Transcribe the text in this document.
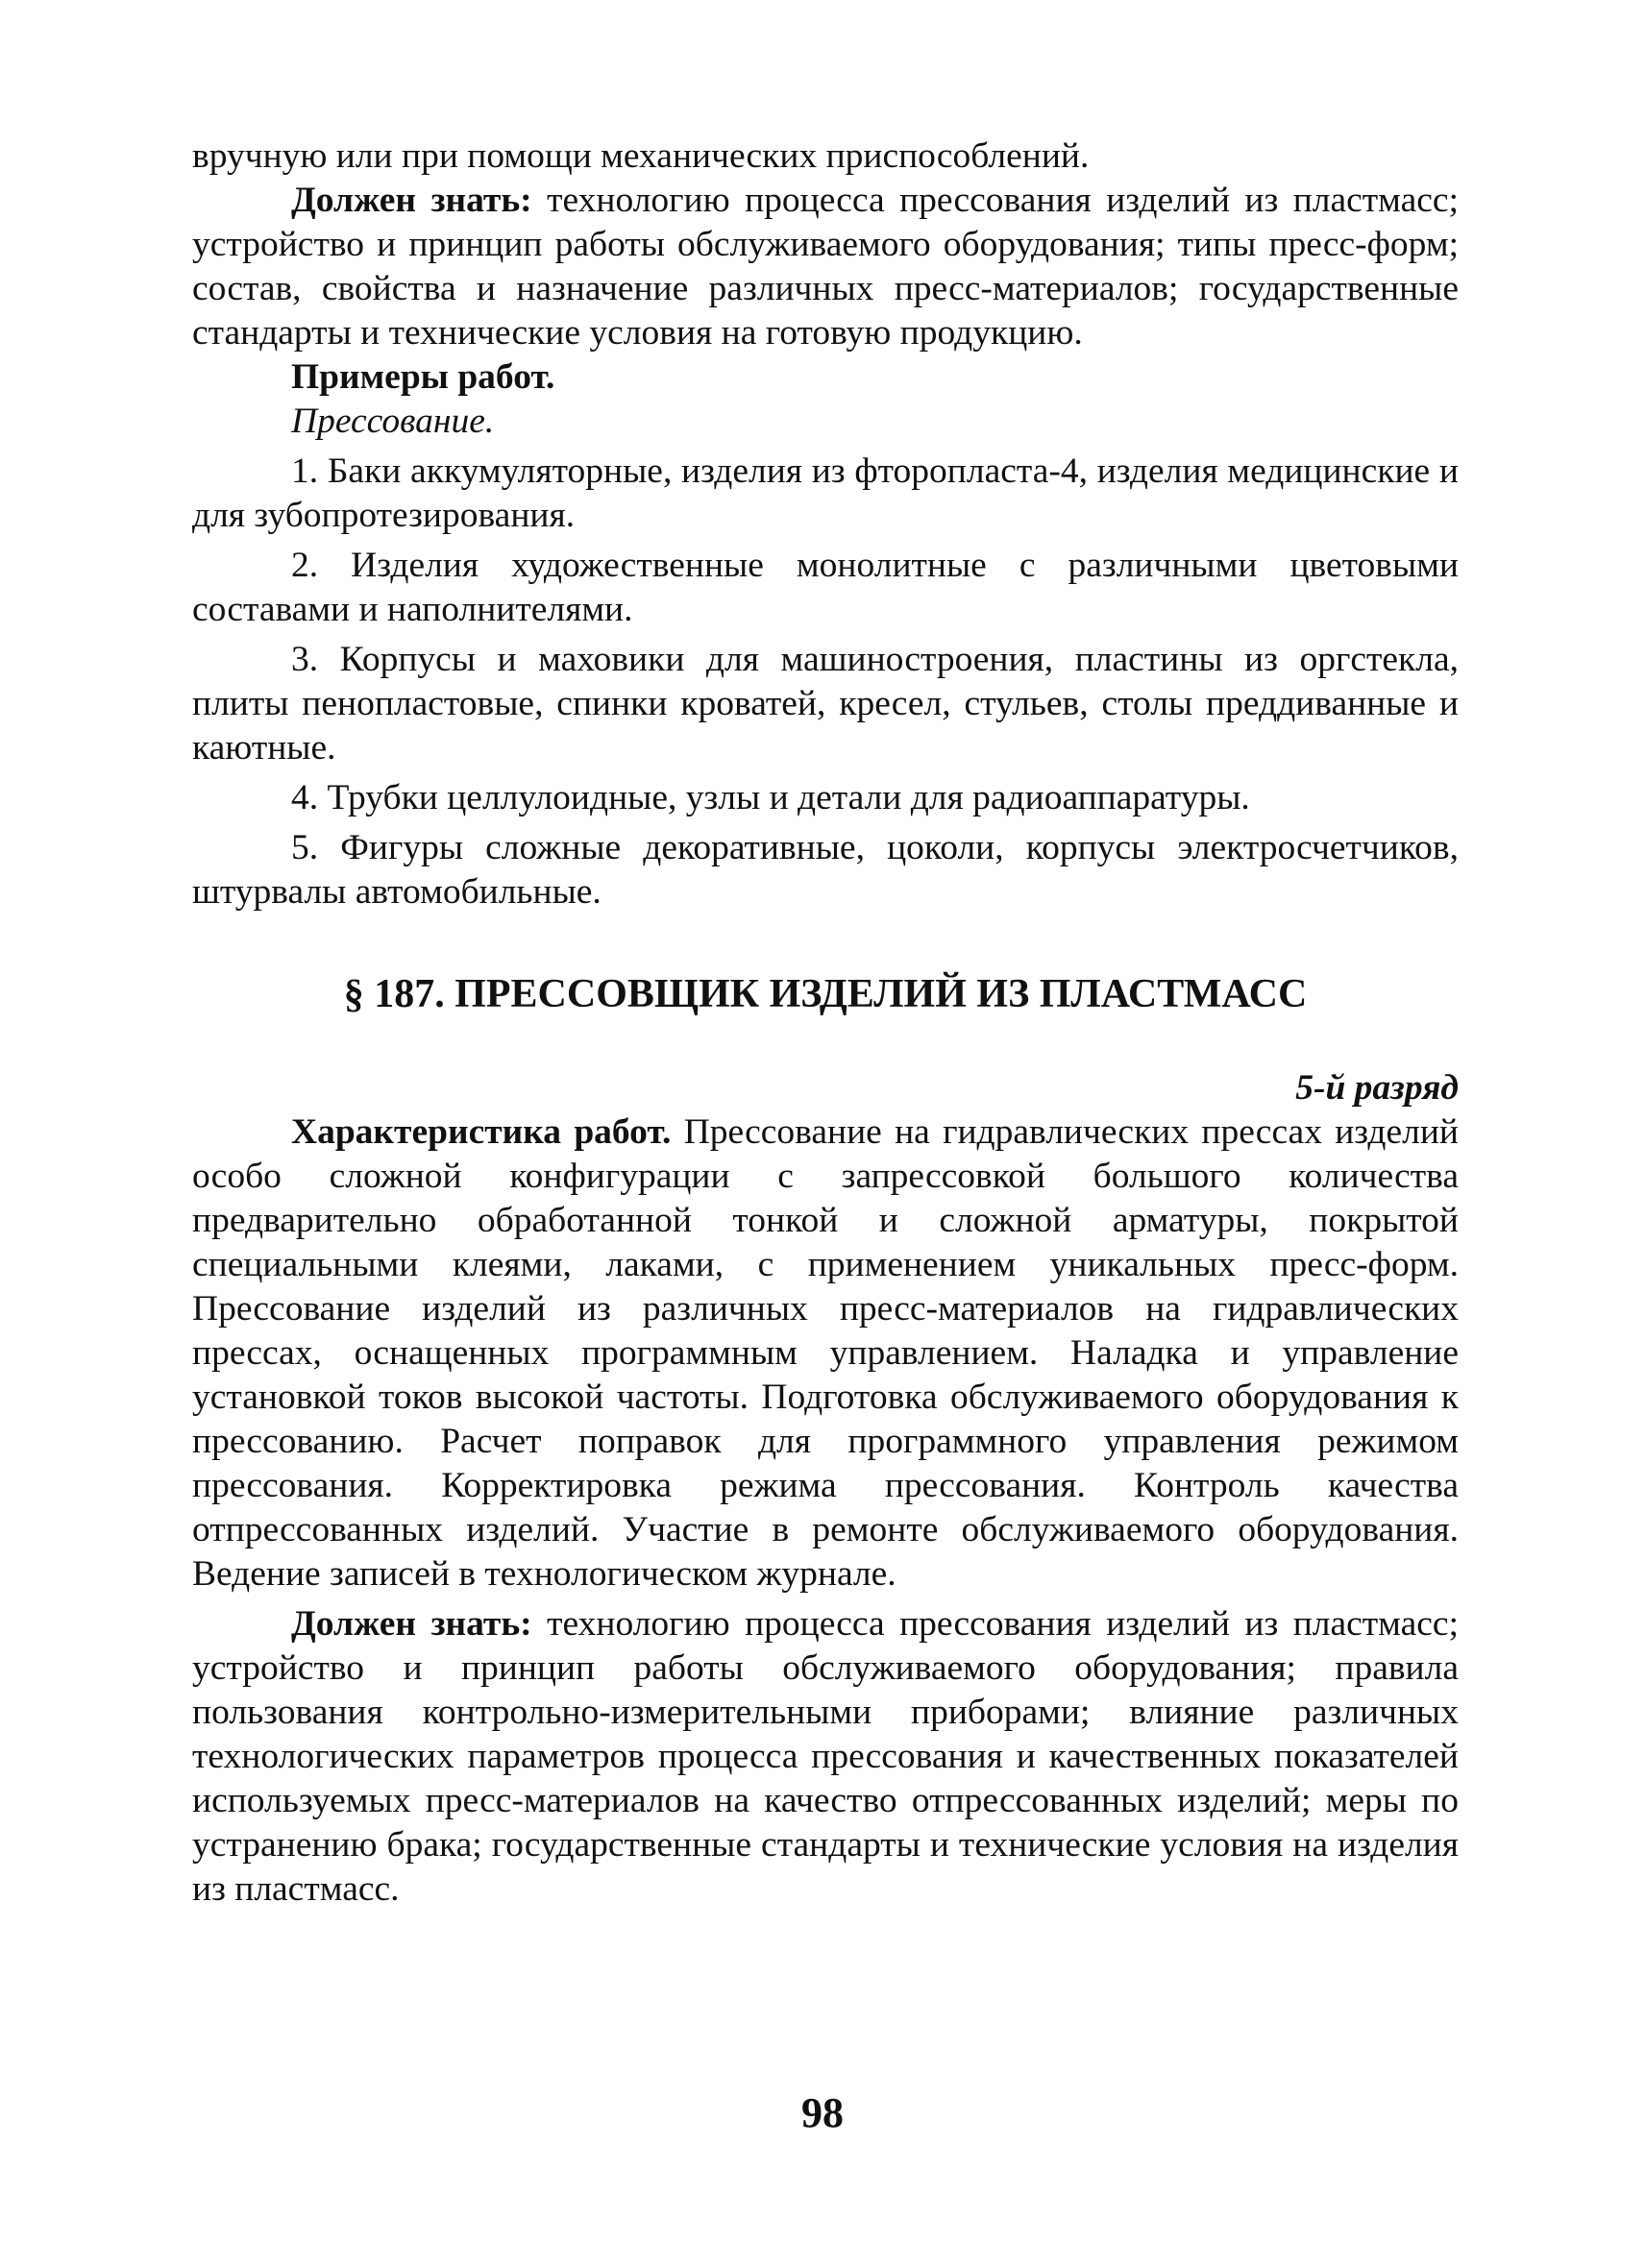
вручную или при помощи механических приспособлений.

Должен знать: технологию процесса прессования изделий из пластмасс; устройство и принцип работы обслуживаемого оборудования; типы пресс-форм; состав, свойства и назначение различных пресс-материалов; государственные стандарты и технические условия на готовую продукцию.

Примеры работ.

Прессование.

1. Баки аккумуляторные, изделия из фторопласта-4, изделия медицинские и для зубопротезирования.

2. Изделия художественные монолитные с различными цветовыми составами и наполнителями.

3. Корпусы и маховики для машиностроения, пластины из оргстекла, плиты пенопластовые, спинки кроватей, кресел, стульев, столы преддиванные и каютные.

4. Трубки целлулоидные, узлы и детали для радиоаппаратуры.

5. Фигуры сложные декоративные, цоколи, корпусы электросчетчиков, штурвалы автомобильные.

§ 187. ПРЕССОВЩИК ИЗДЕЛИЙ ИЗ ПЛАСТМАСС

5-й разряд

Характеристика работ. Прессование на гидравлических прессах изделий особо сложной конфигурации с запрессовкой большого количества предварительно обработанной тонкой и сложной арматуры, покрытой специальными клеями, лаками, с применением уникальных пресс-форм. Прессование изделий из различных пресс-материалов на гидравлических прессах, оснащенных программным управлением. Наладка и управление установкой токов высокой частоты. Подготовка обслуживаемого оборудования к прессованию. Расчет поправок для программного управления режимом прессования. Корректировка режима прессования. Контроль качества отпрессованных изделий. Участие в ремонте обслуживаемого оборудования. Ведение записей в технологическом журнале.

Должен знать: технологию процесса прессования изделий из пластмасс; устройство и принцип работы обслуживаемого оборудования; правила пользования контрольно-измерительными приборами; влияние различных технологических параметров процесса прессования и качественных показателей используемых пресс-материалов на качество отпрессованных изделий; меры по устранению брака; государственные стандарты и технические условия на изделия из пластмасс.

98
